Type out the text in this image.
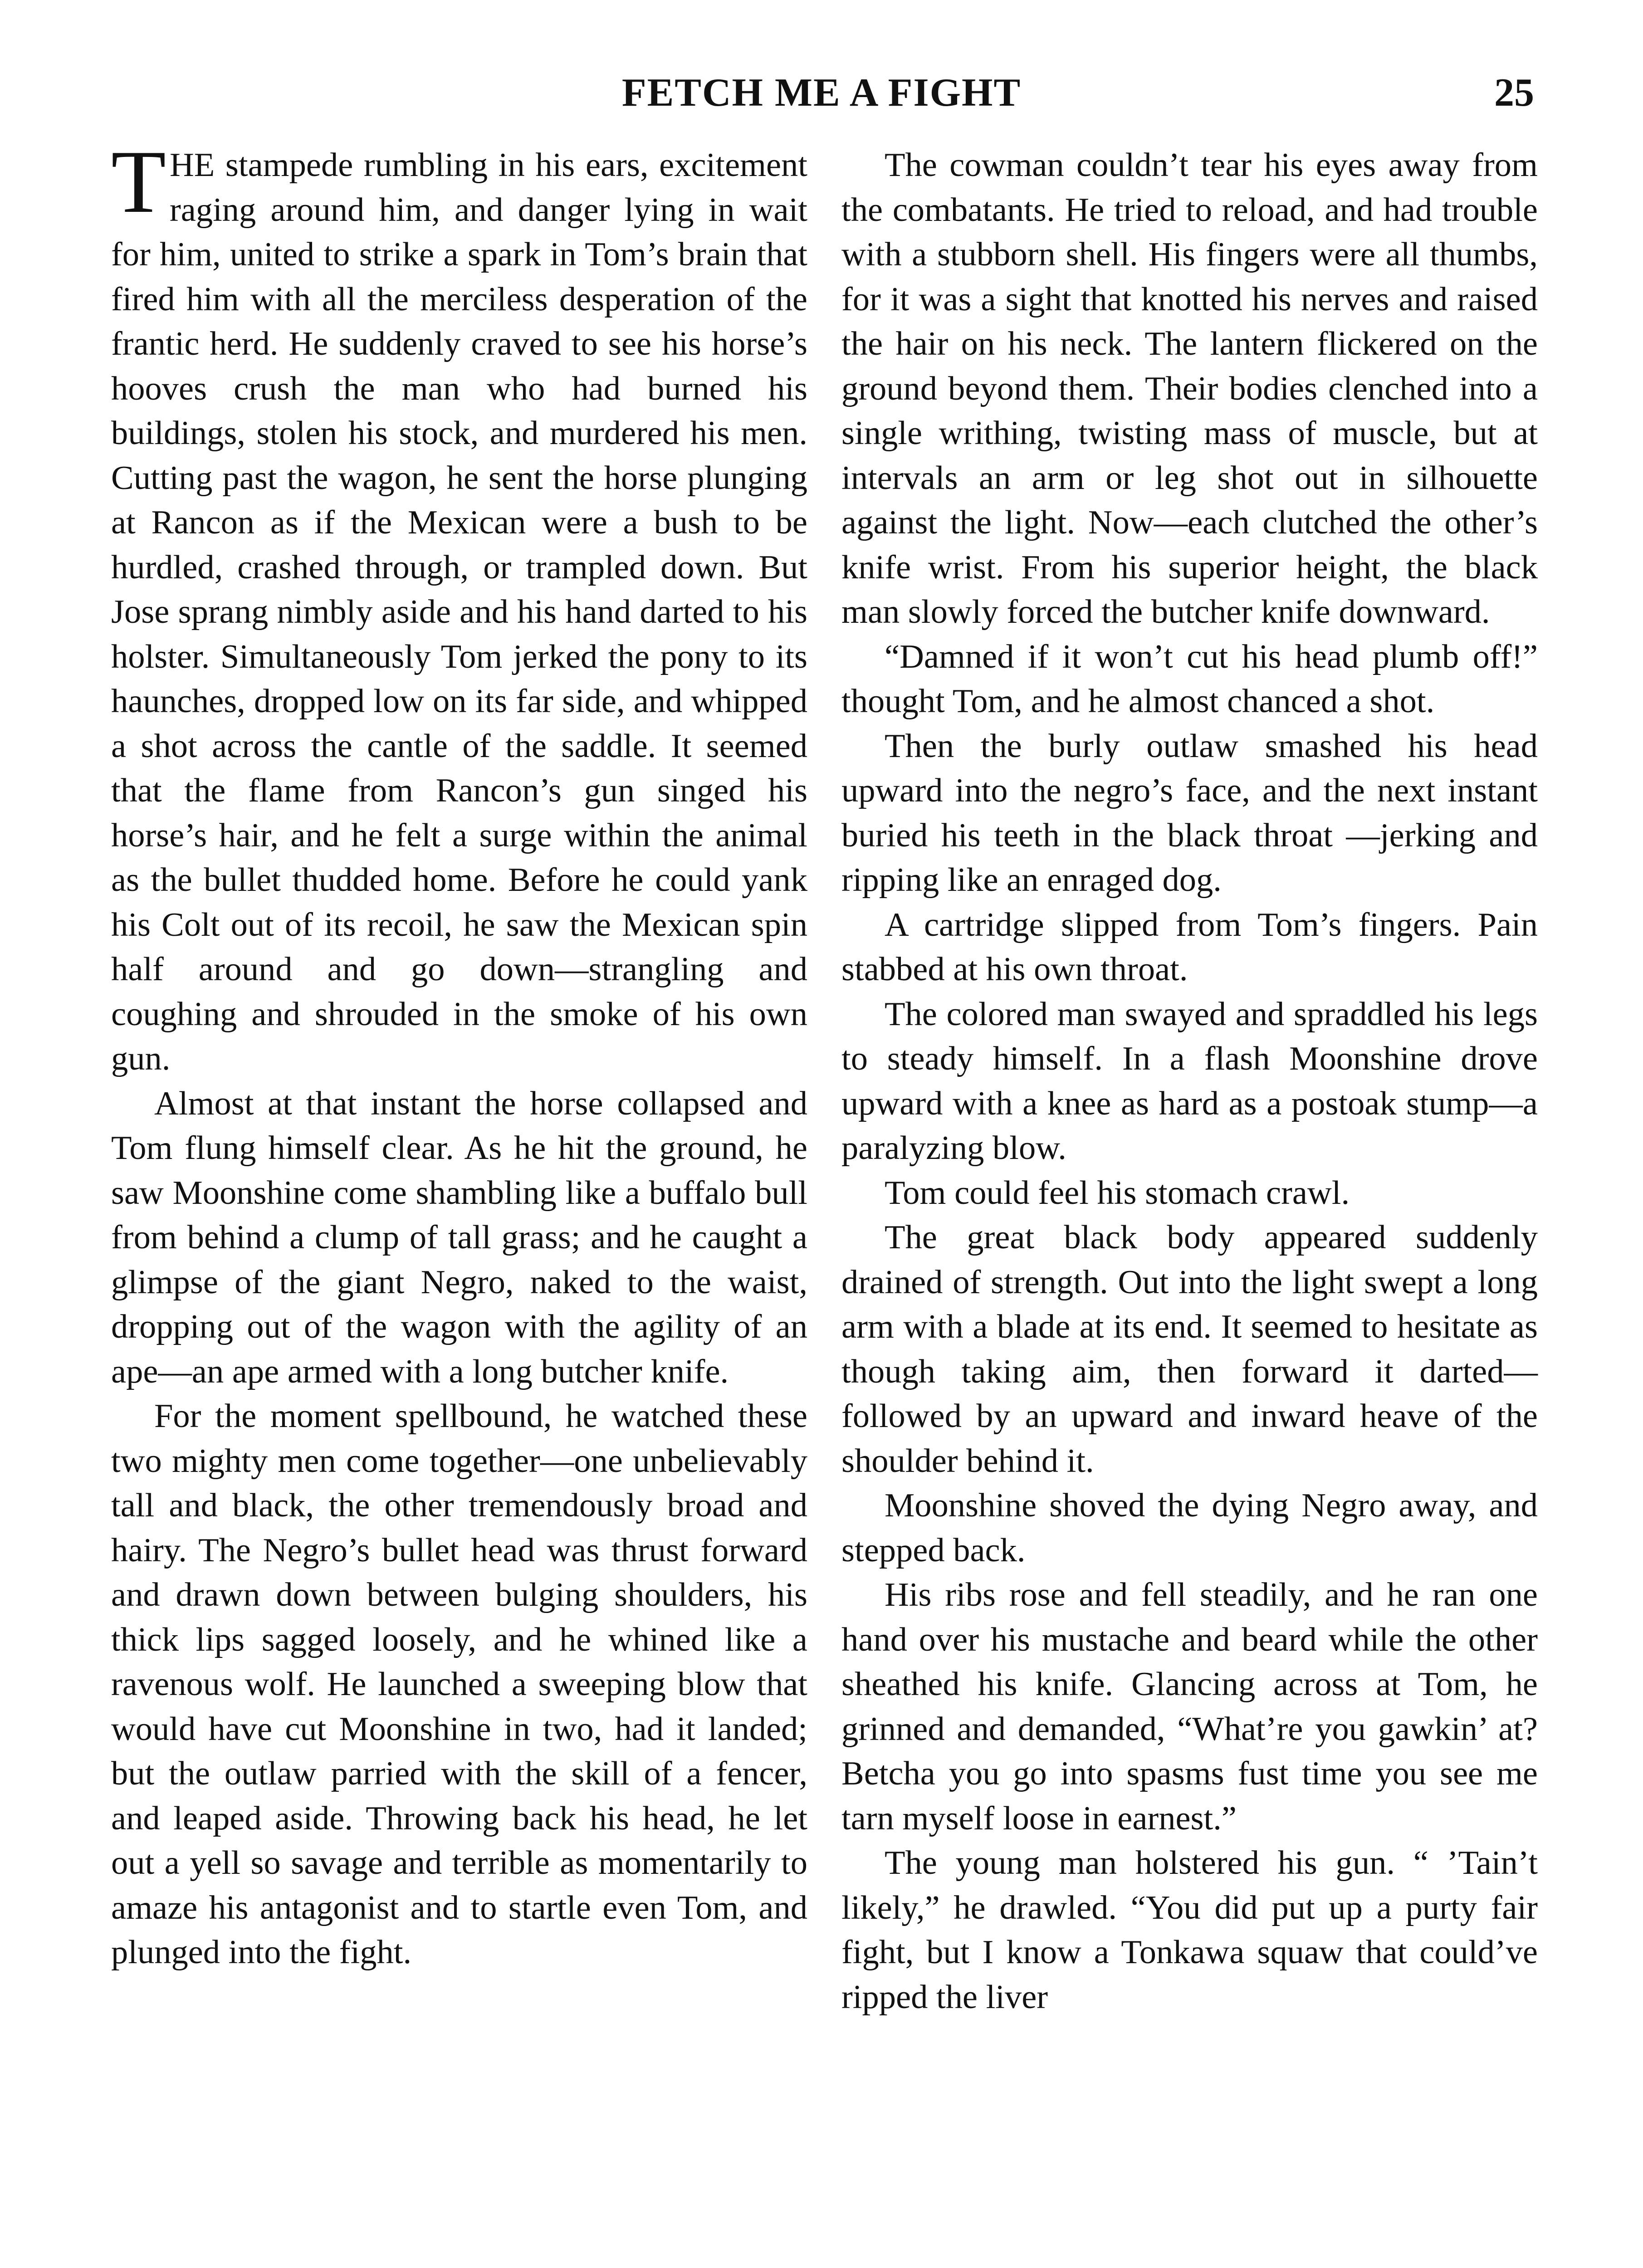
FETCH ME A FIGHT	25

THE stampede rumbling in his ears, excitement raging around him, and danger lying in wait for him, united to strike a spark in Tom’s brain that fired him with all the merciless desperation of the frantic herd. He suddenly craved to see his horse’s hooves crush the man who had burned his buildings, stolen his stock, and murdered his men. Cutting past the wagon, he sent the horse plunging at Rancon as if the Mexican were a bush to be hurdled, crashed through, or trampled down. But Jose sprang nimbly aside and his hand darted to his holster. Simultaneously Tom jerked the pony to its haunches, dropped low on its far side, and whipped a shot across the cantle of the saddle. It seemed that the flame from Rancon’s gun singed his horse’s hair, and he felt a surge within the animal as the bullet thudded home. Before he could yank his Colt out of its recoil, he saw the Mexican spin half around and go down—strangling and coughing and shrouded in the smoke of his own gun.

Almost at that instant the horse collapsed and Tom flung himself clear. As he hit the ground, he saw Moonshine come shambling like a buffalo bull from behind a clump of tall grass; and he caught a glimpse of the giant Negro, naked to the waist, dropping out of the wagon with the agility of an ape—an ape armed with a long butcher knife.

For the moment spellbound, he watched these two mighty men come together—one unbelievably tall and black, the other tremendously broad and hairy. The Negro’s bullet head was thrust forward and drawn down between bulging shoulders, his thick lips sagged loosely, and he whined like a ravenous wolf. He launched a sweeping blow that would have cut Moonshine in two, had it landed; but the outlaw parried with the skill of a fencer, and leaped aside. Throwing back his head, he let out a yell so savage and terrible as momentarily to amaze his antagonist and to startle even Tom, and plunged into the fight.

The cowman couldn’t tear his eyes away from the combatants. He tried to reload, and had trouble with a stubborn shell. His fingers were all thumbs, for it was a sight that knotted his nerves and raised the hair on his neck. The lantern flickered on the ground beyond them. Their bodies clenched into a single writhing, twisting mass of muscle, but at intervals an arm or leg shot out in silhouette against the light. Now—each clutched the other’s knife wrist. From his superior height, the black man slowly forced the butcher knife downward.

“Damned if it won’t cut his head plumb off!” thought Tom, and he almost chanced a shot.

Then the burly outlaw smashed his head upward into the negro’s face, and the next instant buried his teeth in the black throat —jerking and ripping like an enraged dog.

A cartridge slipped from Tom’s fingers. Pain stabbed at his own throat.

The colored man swayed and spraddled his legs to steady himself. In a flash Moonshine drove upward with a knee as hard as a postoak stump—a paralyzing blow.

Tom could feel his stomach crawl.

The great black body appeared suddenly drained of strength. Out into the light swept a long arm with a blade at its end. It seemed to hesitate as though taking aim, then forward it darted—followed by an upward and inward heave of the shoulder behind it.

Moonshine shoved the dying Negro away, and stepped back.

His ribs rose and fell steadily, and he ran one hand over his mustache and beard while the other sheathed his knife. Glancing across at Tom, he grinned and demanded, “What’re you gawkin’ at? Betcha you go into spasms fust time you see me tarn myself loose in earnest.”

The young man holstered his gun. “ ’Tain’t likely,” he drawled. “You did put up a purty fair fight, but I know a Tonkawa squaw that could’ve ripped the liver
